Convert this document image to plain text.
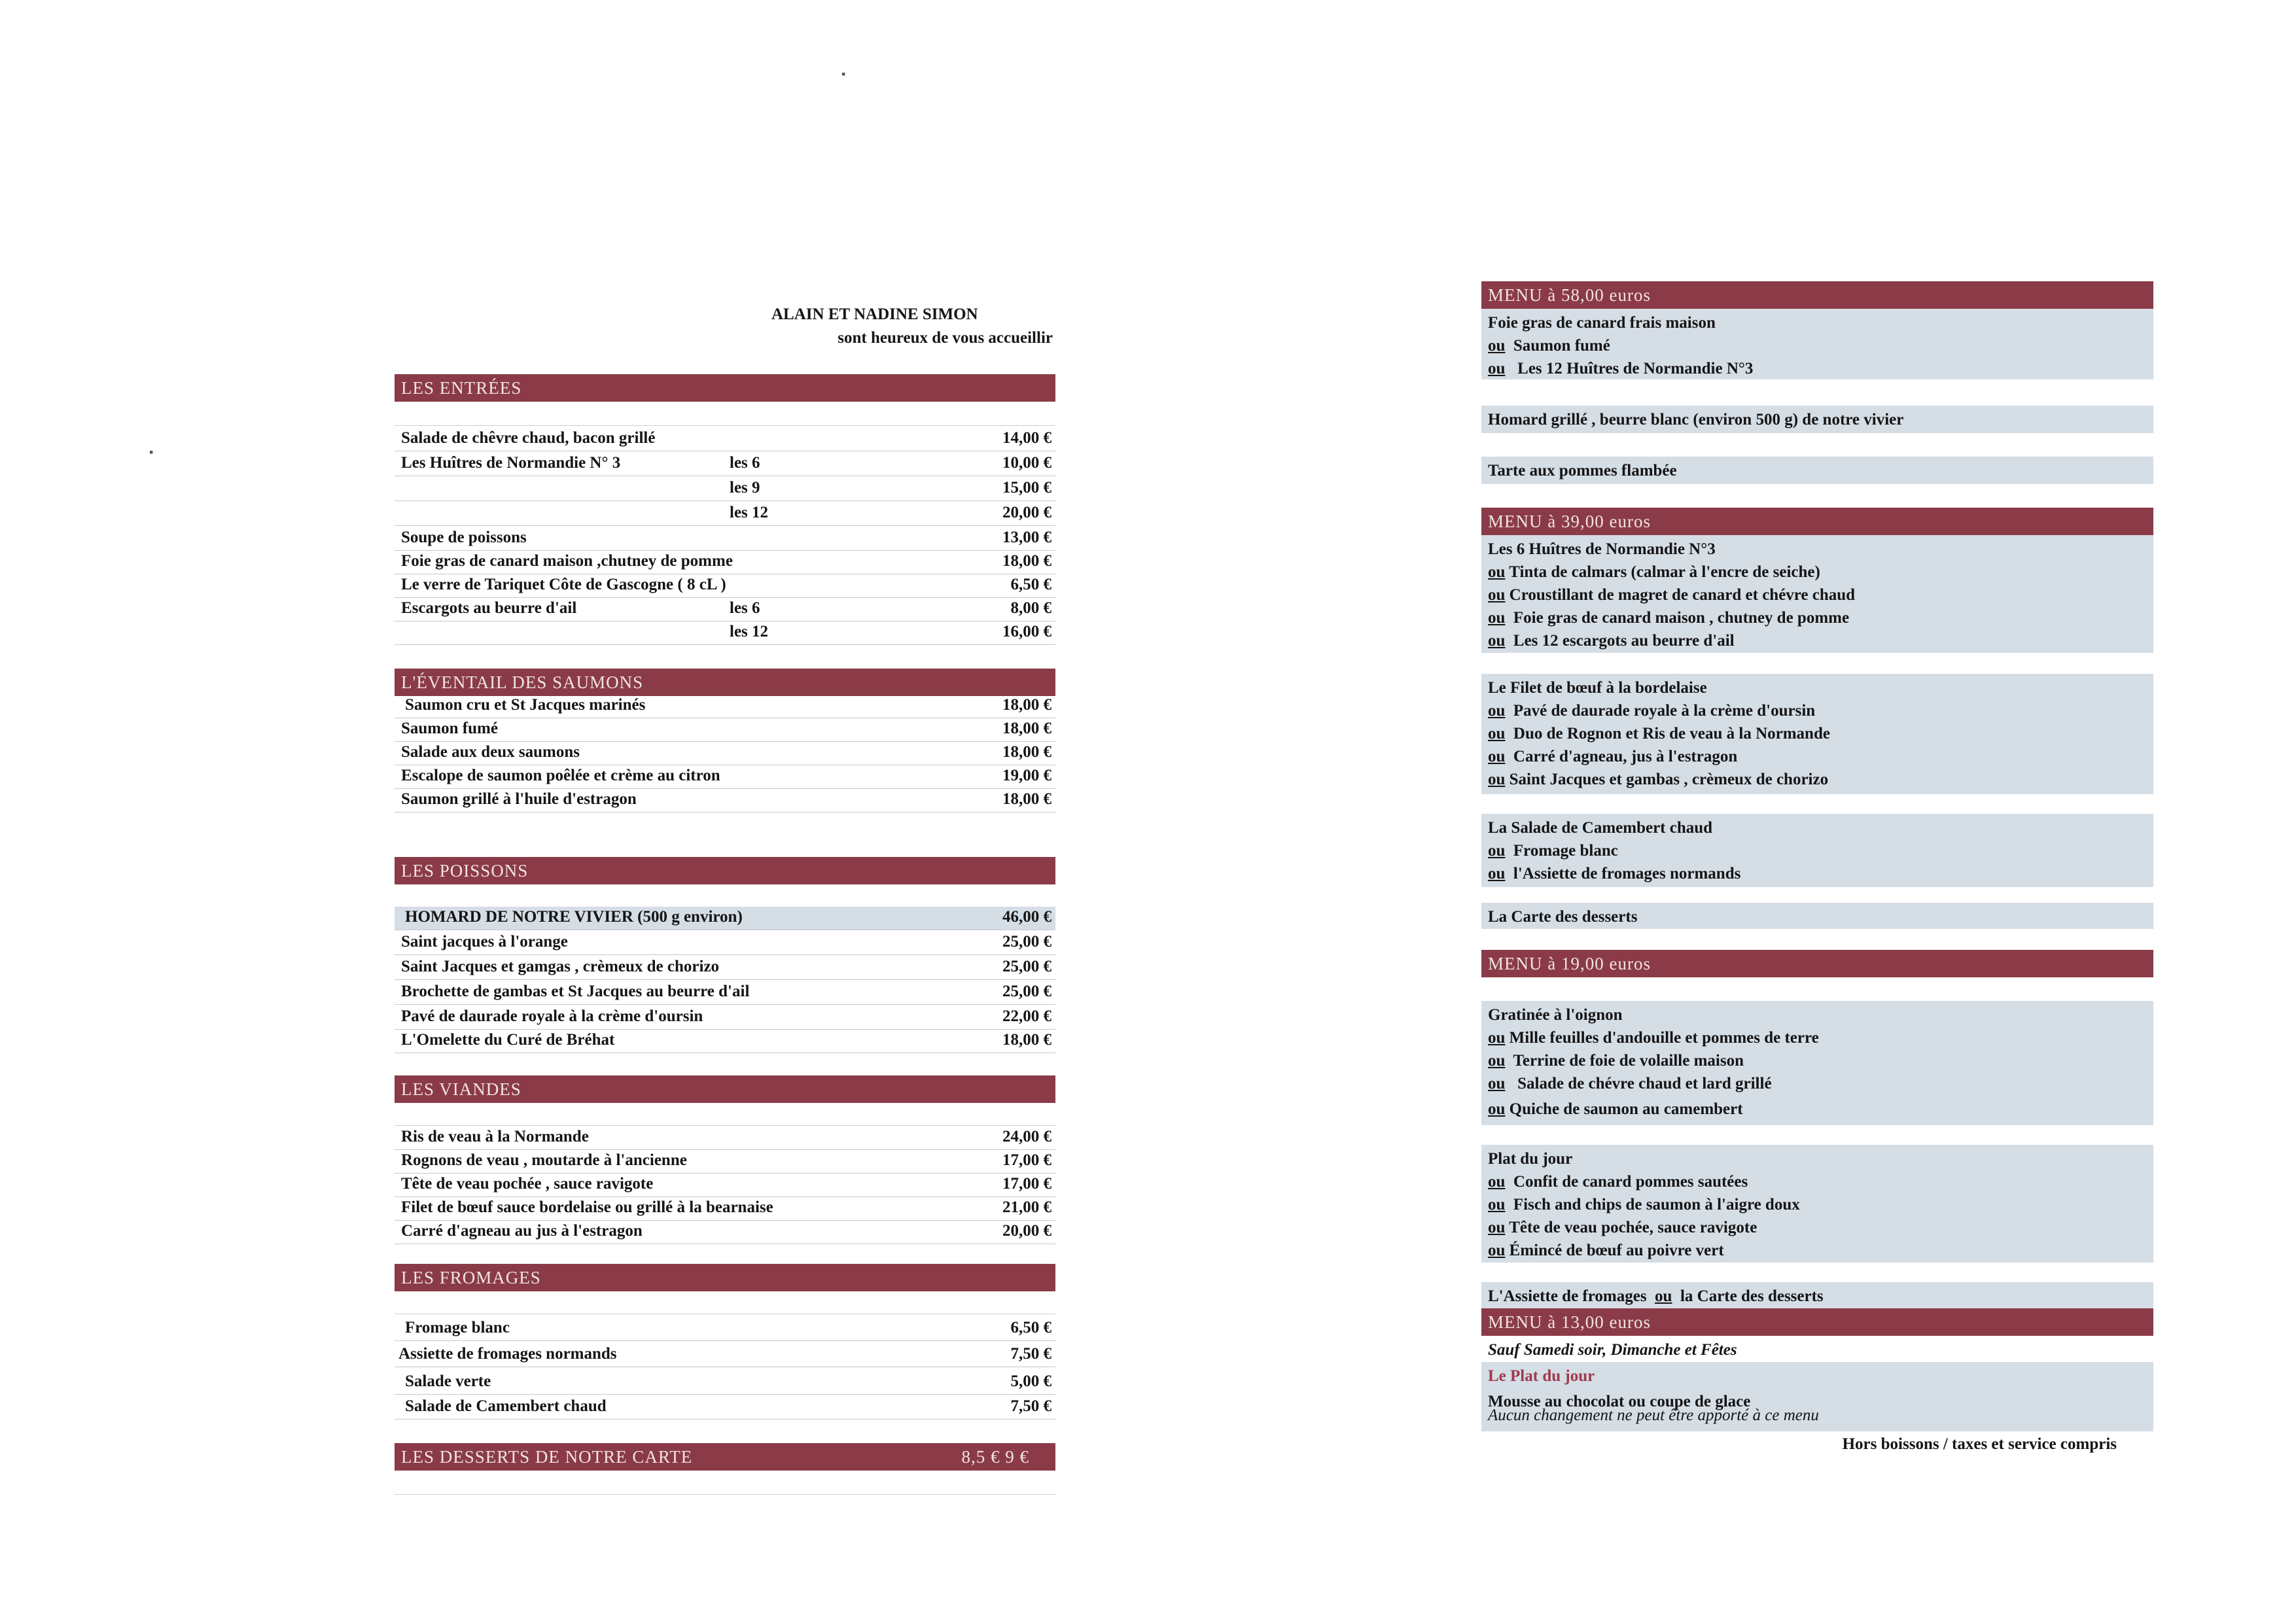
ALAIN ET NADINE SIMON
sont heureux de vous accueillir
LES ENTRÉES
Salade de chêvre chaud, bacon grillé	14,00 €
Les Huîtres de Normandie N° 3	les 6	10,00 €
les 9	15,00 €
les 12	20,00 €
Soupe de poissons	13,00 €
Foie gras de canard maison ,chutney de pomme	18,00 €
Le verre de Tariquet Côte de Gascogne ( 8 cL )	6,50 €
Escargots au beurre d'ail	les 6	8,00 €
les 12	16,00 €
L'ÉVENTAIL DES SAUMONS
Saumon cru et St Jacques marinés	18,00 €
Saumon fumé	18,00 €
Salade aux deux saumons	18,00 €
Escalope de saumon poêlée et crème au citron	19,00 €
Saumon grillé à l'huile d'estragon	18,00 €
LES POISSONS
HOMARD DE NOTRE VIVIER (500 g environ)	46,00 €
Saint jacques à l'orange	25,00 €
Saint Jacques et gamgas , crèmeux de chorizo	25,00 €
Brochette de gambas et St Jacques au beurre d'ail	25,00 €
Pavé de daurade royale à la crème d'oursin	22,00 €
L'Omelette du Curé de Bréhat	18,00 €
LES VIANDES
Ris de veau à la Normande	24,00 €
Rognons de veau , moutarde à l'ancienne	17,00 €
Tête de veau pochée , sauce ravigote	17,00 €
Filet de bœuf sauce bordelaise ou grillé à la bearnaise	21,00 €
Carré d'agneau au jus à l'estragon	20,00 €
LES FROMAGES
Fromage blanc	6,50 €
Assiette de fromages normands	7,50 €
Salade verte	5,00 €
Salade de Camembert chaud	7,50 €
LES DESSERTS DE NOTRE CARTE	8,5 € 9 €
MENU à 58,00 euros
Foie gras de canard frais maison
ou Saumon fumé
ou Les 12 Huîtres de Normandie N°3
Homard grillé , beurre blanc (environ 500 g) de notre vivier
Tarte aux pommes flambée
MENU à 39,00 euros
Les 6 Huîtres de Normandie N°3
ou Tinta de calmars (calmar à l'encre de seiche)
ou Croustillant de magret de canard et chévre chaud
ou Foie gras de canard maison , chutney de pomme
ou Les 12 escargots au beurre d'ail
Le Filet de bœuf à la bordelaise
ou Pavé de daurade royale à la crème d'oursin
ou Duo de Rognon et Ris de veau à la Normande
ou Carré d'agneau, jus à l'estragon
ou Saint Jacques et gambas , crèmeux de chorizo
La Salade de Camembert chaud
ou Fromage blanc
ou l'Assiette de fromages normands
La Carte des desserts
MENU à 19,00 euros
Gratinée à l'oignon
ou Mille feuilles d'andouille et pommes de terre
ou Terrine de foie de volaille maison
ou Salade de chévre chaud et lard grillé
ou Quiche de saumon au camembert
Plat du jour
ou Confit de canard pommes sautées
ou Fisch and chips de saumon à l'aigre doux
ou Tête de veau pochée, sauce ravigote
ou Émincé de bœuf au poivre vert
L'Assiette de fromages ou la Carte des desserts
MENU à 13,00 euros
Sauf Samedi soir, Dimanche et Fêtes
Le Plat du jour
Mousse au chocolat ou coupe de glace
Aucun changement ne peut être apporté à ce menu
Hors boissons / taxes et service compris
▪
▪
